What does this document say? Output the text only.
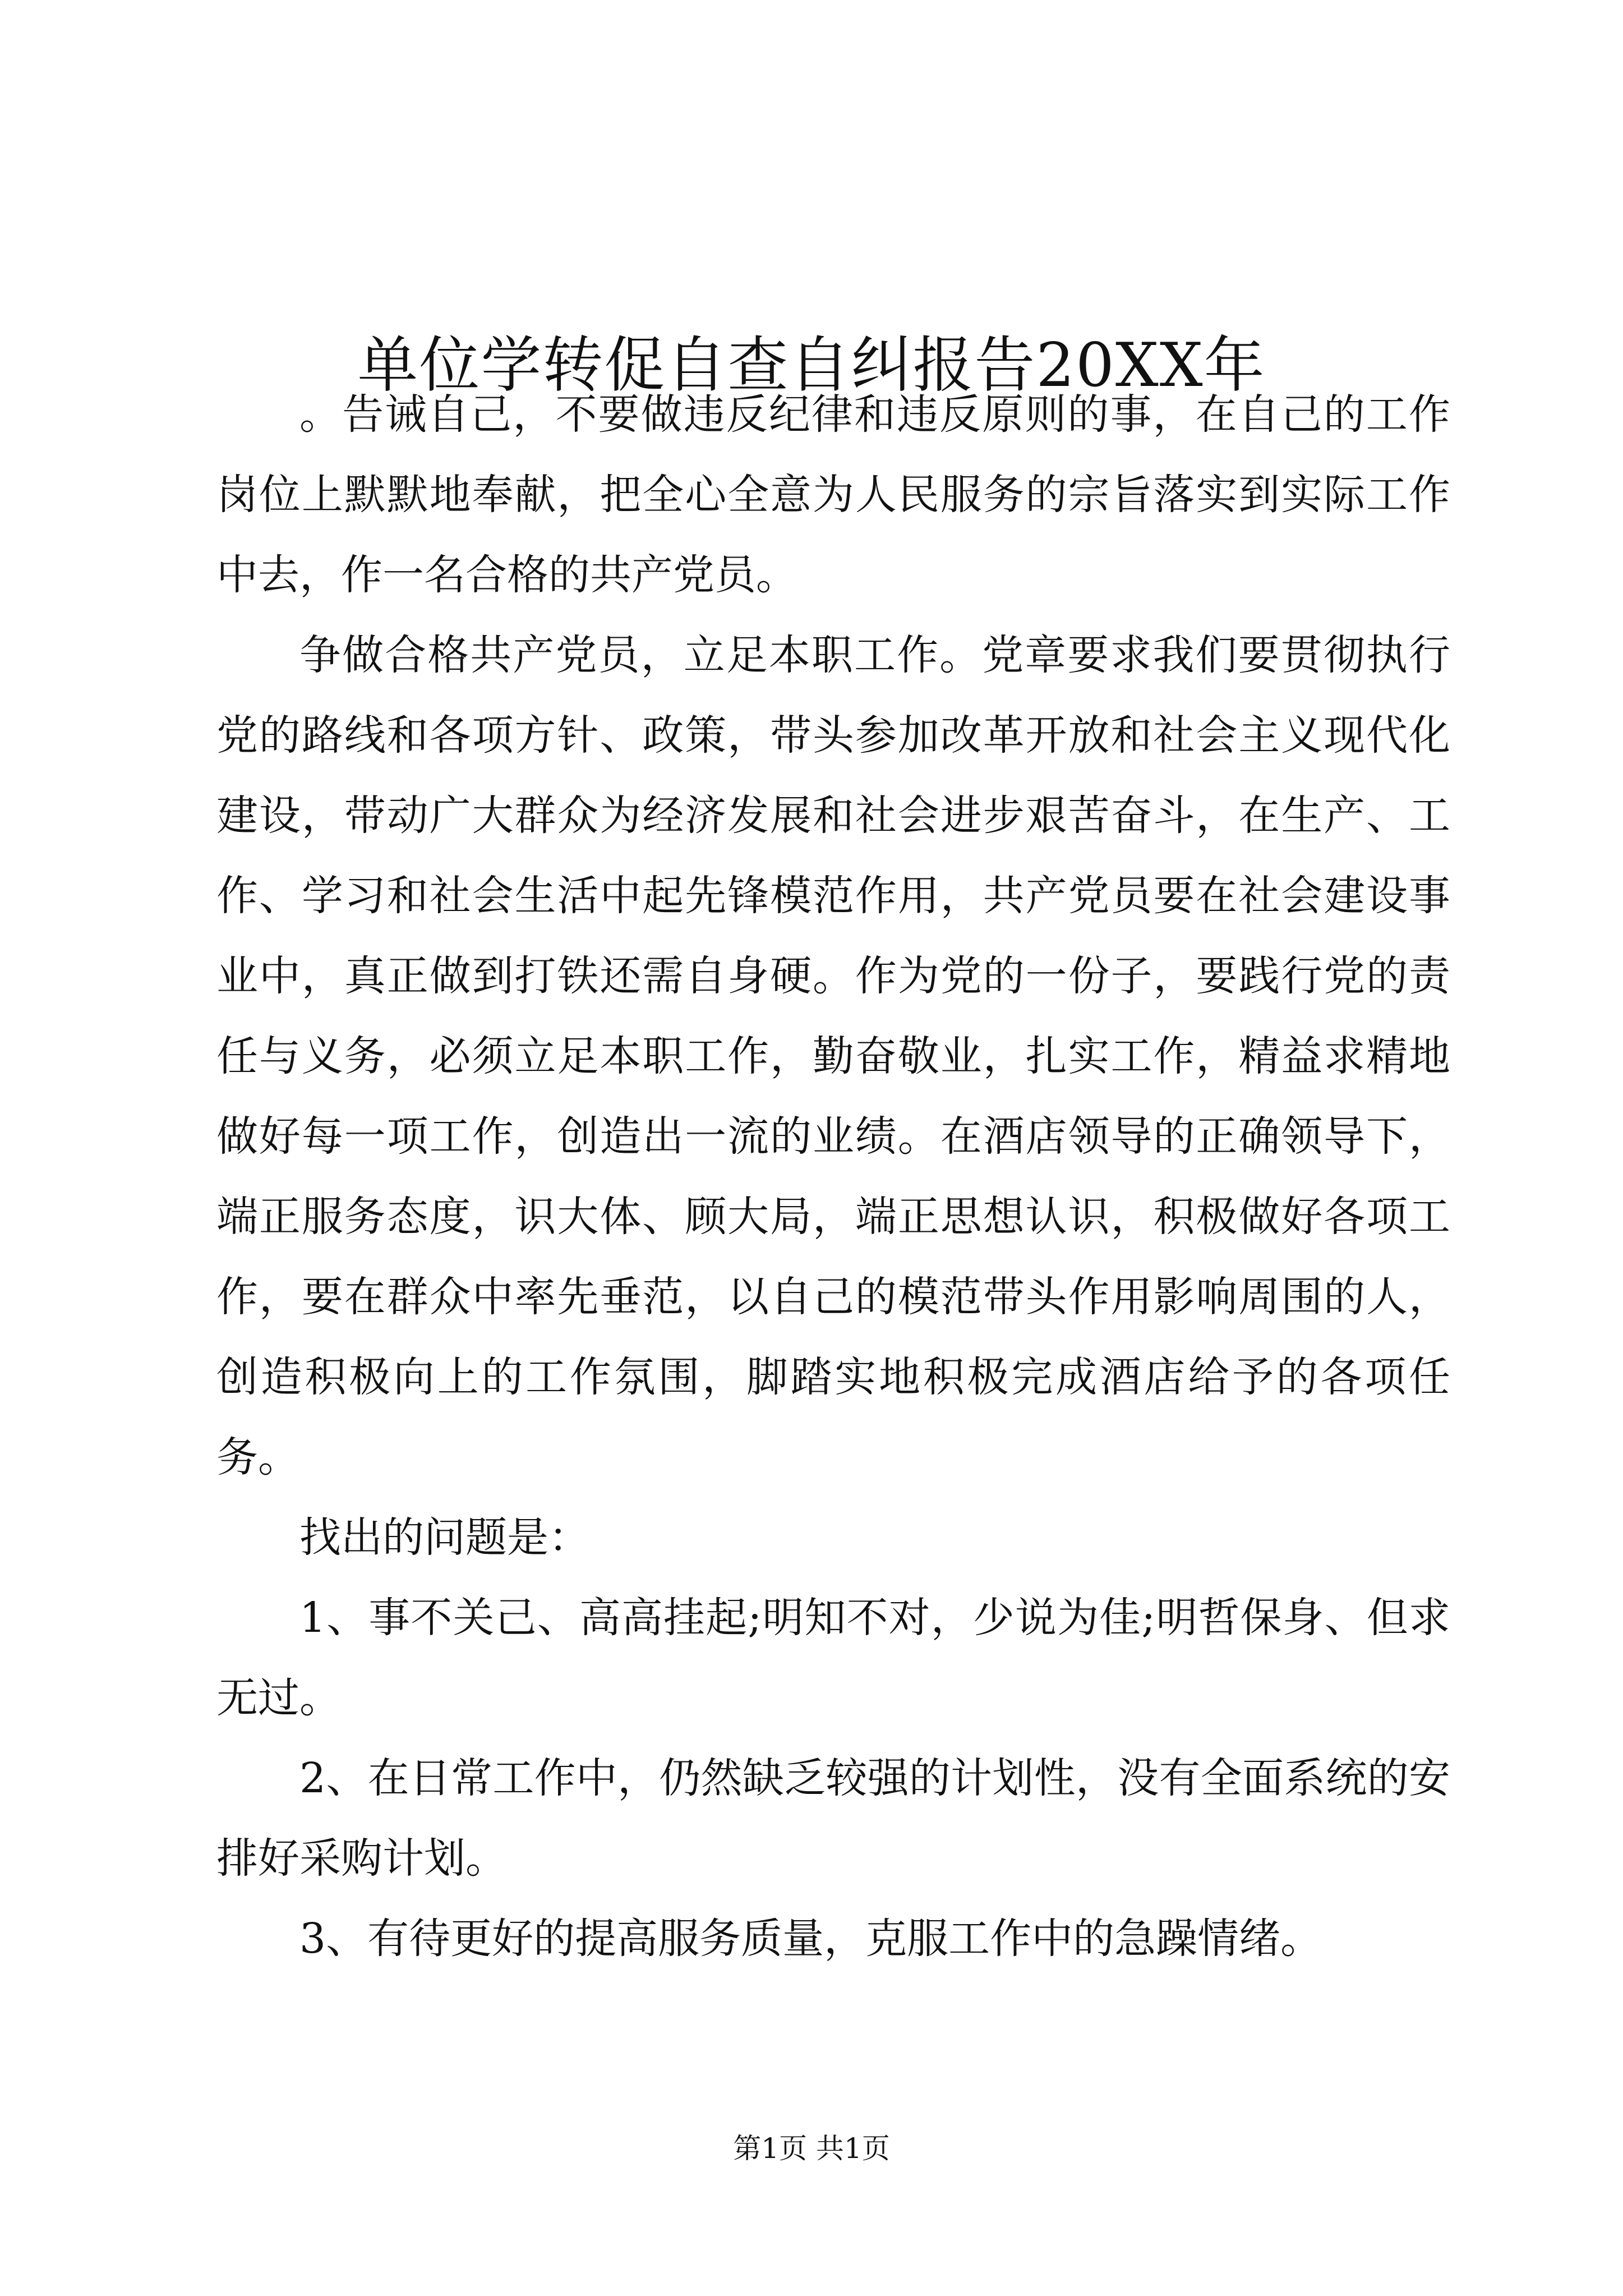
单位学转促自查自纠报告20XX年

。告诫自己，不要做违反纪律和违反原则的事，在自己的工作岗位上默默地奉献，把全心全意为人民服务的宗旨落实到实际工作中去，作一名合格的共产党员。

争做合格共产党员，立足本职工作。党章要求我们要贯彻执行党的路线和各项方针、政策，带头参加改革开放和社会主义现代化建设，带动广大群众为经济发展和社会进步艰苦奋斗，在生产、工作、学习和社会生活中起先锋模范作用，共产党员要在社会建设事业中，真正做到打铁还需自身硬。作为党的一份子，要践行党的责任与义务，必须立足本职工作，勤奋敬业，扎实工作，精益求精地做好每一项工作，创造出一流的业绩。在酒店领导的正确领导下，端正服务态度，识大体、顾大局，端正思想认识，积极做好各项工作，要在群众中率先垂范，以自己的模范带头作用影响周围的人，创造积极向上的工作氛围，脚踏实地积极完成酒店给予的各项任务。

找出的问题是：

1、事不关己、高高挂起;明知不对，少说为佳;明哲保身、但求无过。

2、在日常工作中，仍然缺乏较强的计划性，没有全面系统的安排好采购计划。

3、有待更好的提高服务质量，克服工作中的急躁情绪。

第1页 共1页
